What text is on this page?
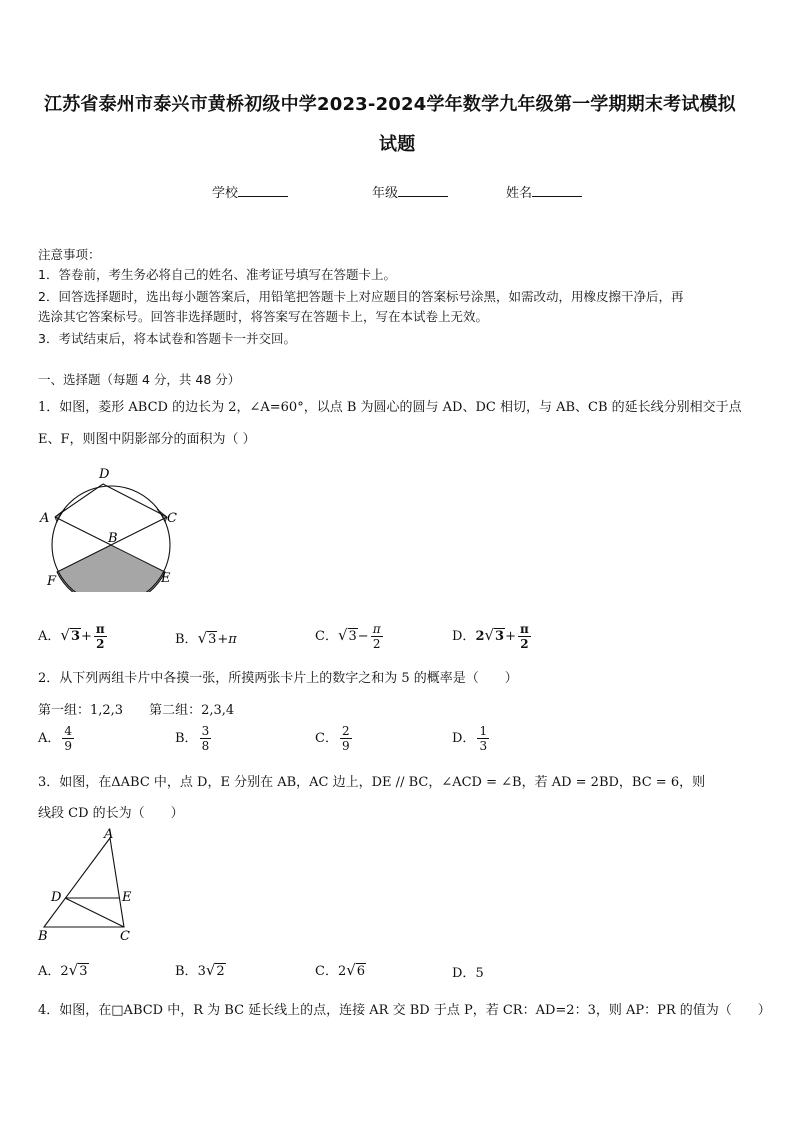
江苏省泰州市泰兴市黄桥初级中学2023-2024学年数学九年级第一学期期末考试模拟
试题
学校	年级	姓名
注意事项：
1．答卷前，考生务必将自己的姓名、准考证号填写在答题卡上。
2．回答选择题时，选出每小题答案后，用铅笔把答题卡上对应题目的答案标号涂黑，如需改动，用橡皮擦干净后，再
选涂其它答案标号。回答非选择题时，将答案写在答题卡上，写在本试卷上无效。
3．考试结束后，将本试卷和答题卡一并交回。
一、选择题（每题 4 分，共 48 分）
1．如图，菱形 ABCD 的边长为 2，∠A=60°，以点 B 为圆心的圆与 AD、DC 相切，与 AB、CB 的延长线分别相交于点
E、F，则图中阴影部分的面积为（ ）
D
A	C
B
F	E
A．$√3+ \frac{\pi}{2}$	B．√3+π	C．$√3- \frac{\pi}{2}$	D．$2√3+ \frac{\pi}{2}$
2．从下列两组卡片中各摸一张，所摸两张卡片上的数字之和为 5 的概率是（　　）
第一组：1,2,3　　第二组：2,3,4
A． $\frac{4}{9}$	B． $\frac{3}{8}$	C． $\frac{2}{9}$	D． $\frac{1}{3}$
3．如图，在ΔABC 中，点 D，E 分别在 AB，AC 边上，DE // BC，∠ACD = ∠B，若 AD = 2BD，BC = 6，则
线段 CD 的长为（　　）
A
D	E
B	C
A．2√3	B．3√2	C．2√6	D．5
4．如图，在□ABCD 中，R 为 BC 延长线上的点，连接 AR 交 BD 于点 P，若 CR：AD=2：3，则 AP：PR 的值为（　　）
